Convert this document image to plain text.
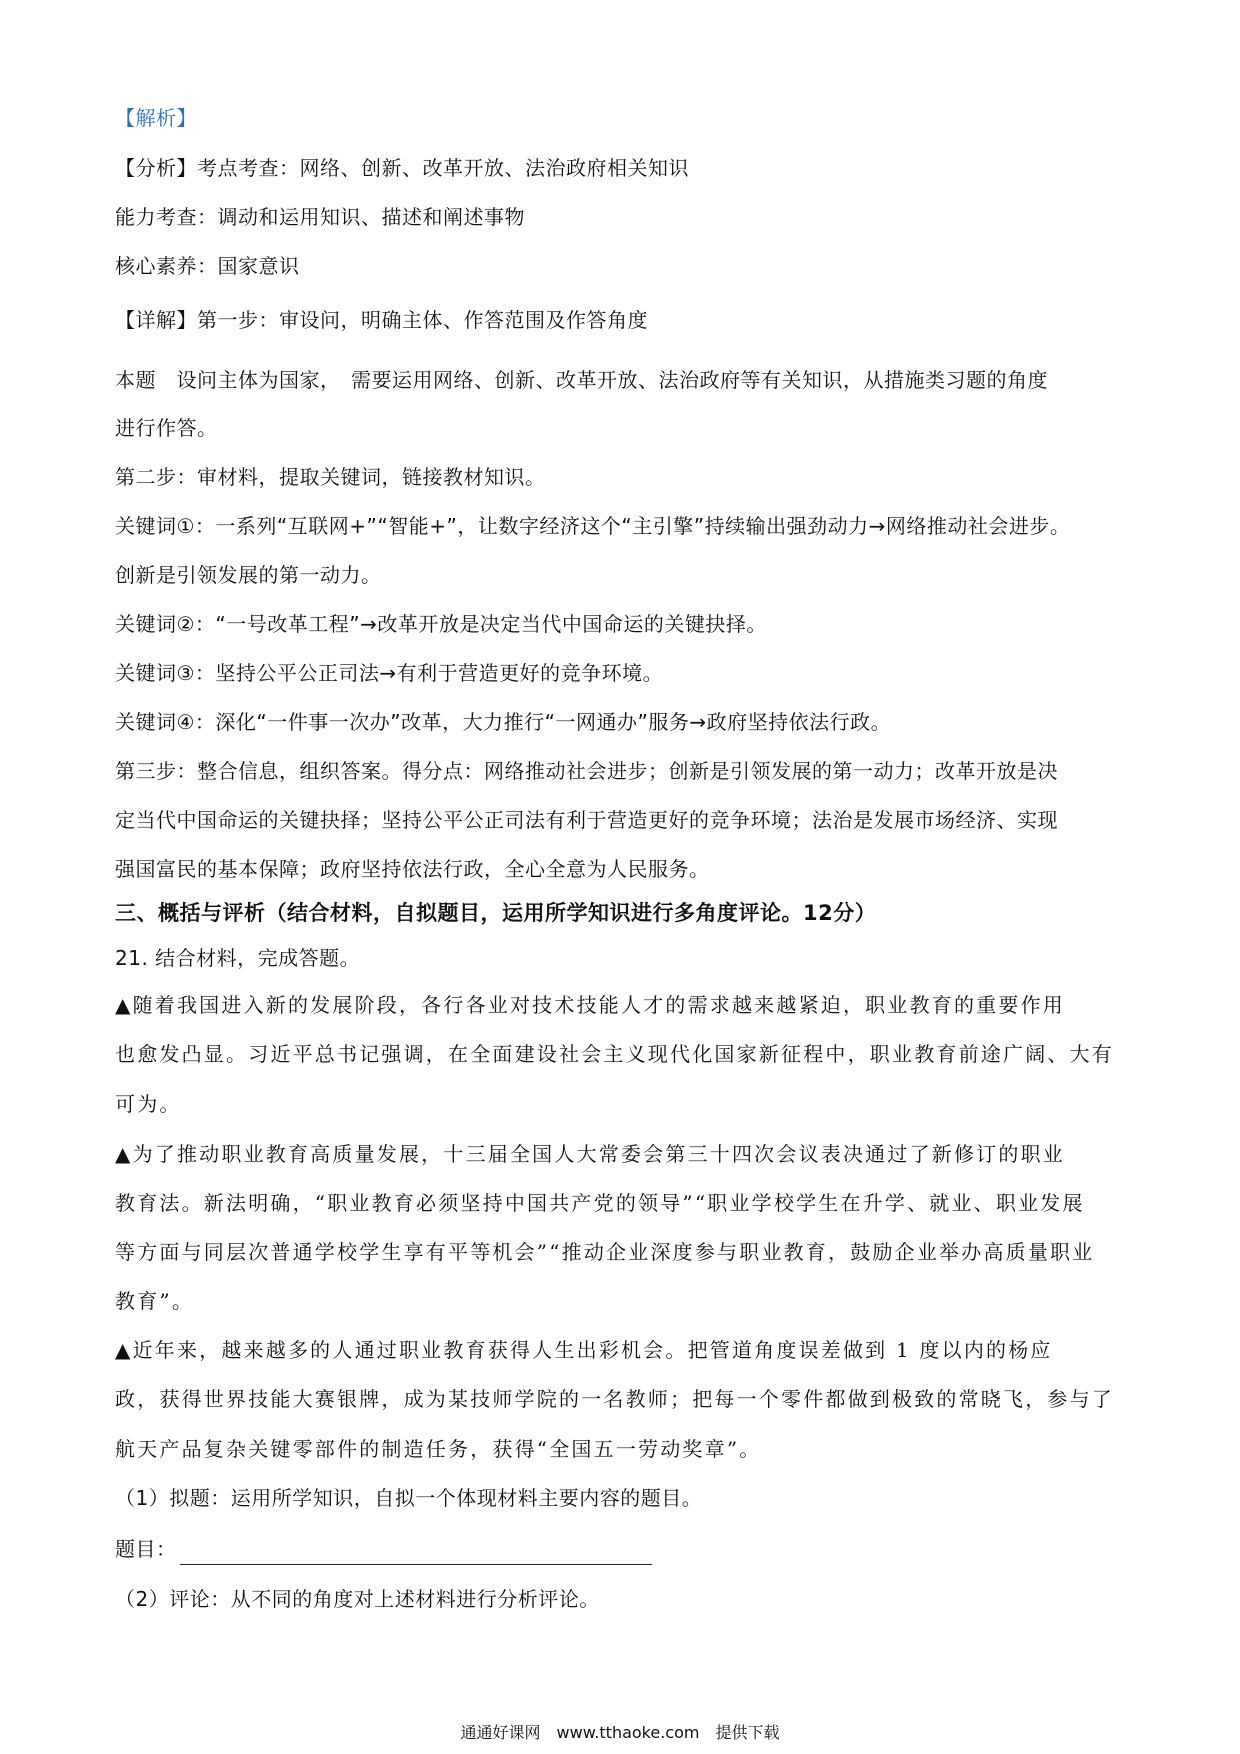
【解析】
【分析】考点考查：网络、创新、改革开放、法治政府相关知识
能力考查：调动和运用知识、描述和阐述事物
核心素养：国家意识
【详解】第一步：审设问，明确主体、作答范围及作答角度
本题　设问主体为国家，　需要运用网络、创新、改革开放、法治政府等有关知识，从措施类习题的角度
进行作答。
第二步：审材料，提取关键词，链接教材知识。
关键词①：一系列“互联网+”“智能+”，让数字经济这个“主引擎”持续输出强劲动力→网络推动社会进步。
创新是引领发展的第一动力。
关键词②：“一号改革工程”→改革开放是决定当代中国命运的关键抉择。
关键词③：坚持公平公正司法→有利于营造更好的竞争环境。
关键词④：深化“一件事一次办”改革，大力推行“一网通办”服务→政府坚持依法行政。
第三步：整合信息，组织答案。得分点：网络推动社会进步；创新是引领发展的第一动力；改革开放是决
定当代中国命运的关键抉择；坚持公平公正司法有利于营造更好的竞争环境；法治是发展市场经济、实现
强国富民的基本保障；政府坚持依法行政，全心全意为人民服务。
三、概括与评析（结合材料，自拟题目，运用所学知识进行多角度评论。12分）
21. 结合材料，完成答题。
▲随着我国进入新的发展阶段，各行各业对技术技能人才的需求越来越紧迫，职业教育的重要作用
也愈发凸显。习近平总书记强调，在全面建设社会主义现代化国家新征程中，职业教育前途广阔、大有
可为。
▲为了推动职业教育高质量发展，十三届全国人大常委会第三十四次会议表决通过了新修订的职业
教育法。新法明确，“职业教育必须坚持中国共产党的领导”“职业学校学生在升学、就业、职业发展
等方面与同层次普通学校学生享有平等机会”“推动企业深度参与职业教育，鼓励企业举办高质量职业
教育”。
▲近年来，越来越多的人通过职业教育获得人生出彩机会。把管道角度误差做到 1 度以内的杨应
政，获得世界技能大赛银牌，成为某技师学院的一名教师；把每一个零件都做到极致的常晓飞，参与了
航天产品复杂关键零部件的制造任务，获得“全国五一劳动奖章”。
（1）拟题：运用所学知识，自拟一个体现材料主要内容的题目。
题目：
（2）评论：从不同的角度对上述材料进行分析评论。
通通好课网　www.tthaoke.com　提供下载
